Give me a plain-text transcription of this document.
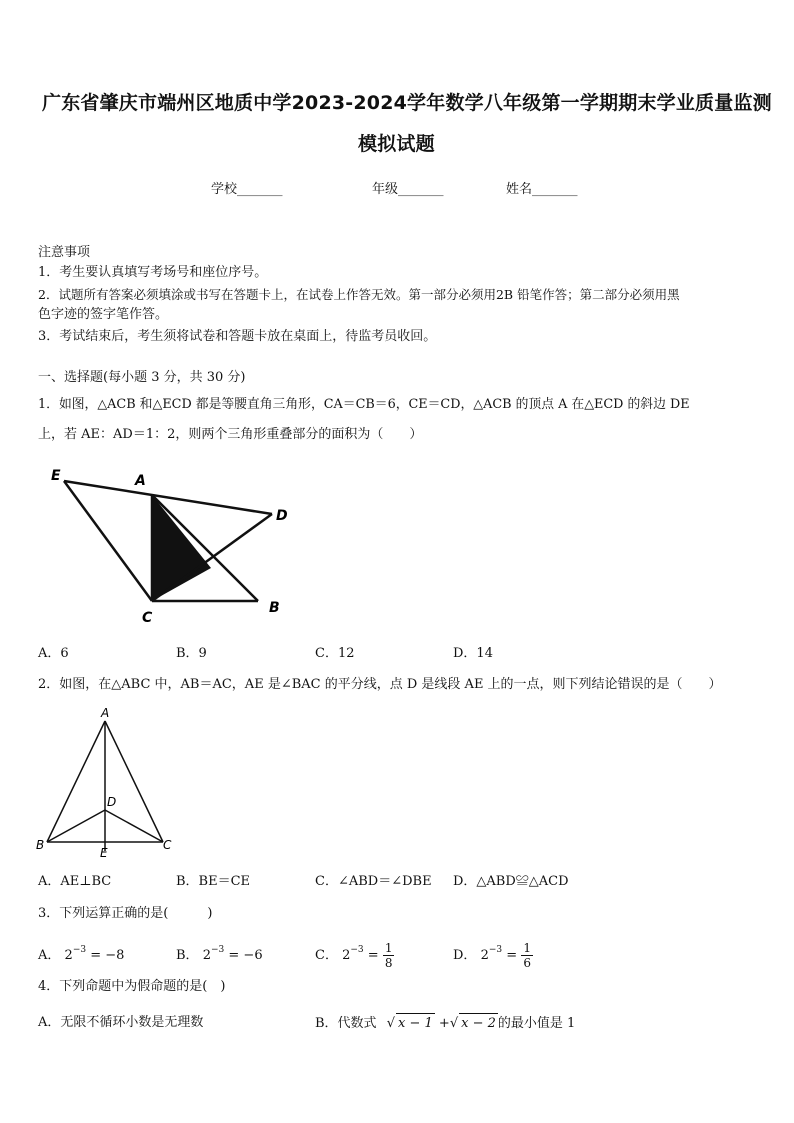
广东省肇庆市端州区地质中学2023-2024学年数学八年级第一学期期末学业质量监测
模拟试题
学校_______	年级_______	姓名_______
注意事项
1．考生要认真填写考场号和座位序号。
2．试题所有答案必须填涂或书写在答题卡上，在试卷上作答无效。第一部分必须用2B 铅笔作答；第二部分必须用黑
色字迹的签字笔作答。
3．考试结束后，考生须将试卷和答题卡放在桌面上，待监考员收回。
一、选择题(每小题 3 分，共 30 分)
1．如图，△ACB 和△ECD 都是等腰直角三角形，CA＝CB＝6，CE＝CD，△ACB 的顶点 A 在△ECD 的斜边 DE
上，若 AE：AD＝1：2，则两个三角形重叠部分的面积为（　　）
E	A
D
C
B
A．6	B．9	C．12	D．14
2．如图，在△ABC 中，AB＝AC，AE 是∠BAC 的平分线，点 D 是线段 AE 上的一点，则下列结论错误的是（　　）
A
D
B
E
C
A．AE⊥BC	B．BE＝CE	C．∠ABD＝∠DBE D．△ABD≌△ACD
3．下列运算正确的是(　　　)
A． $2^{-3} = -8$	B． $2^{-3} = -6$	C． $2^{-3} = \frac{1}{8}$	D． $2^{-3} = \frac{1}{6}$
4．下列命题中为假命题的是(　)
A．无限不循环小数是无理数	B．代数式 √ x − 1 +√ x − 2 的最小值是 1
